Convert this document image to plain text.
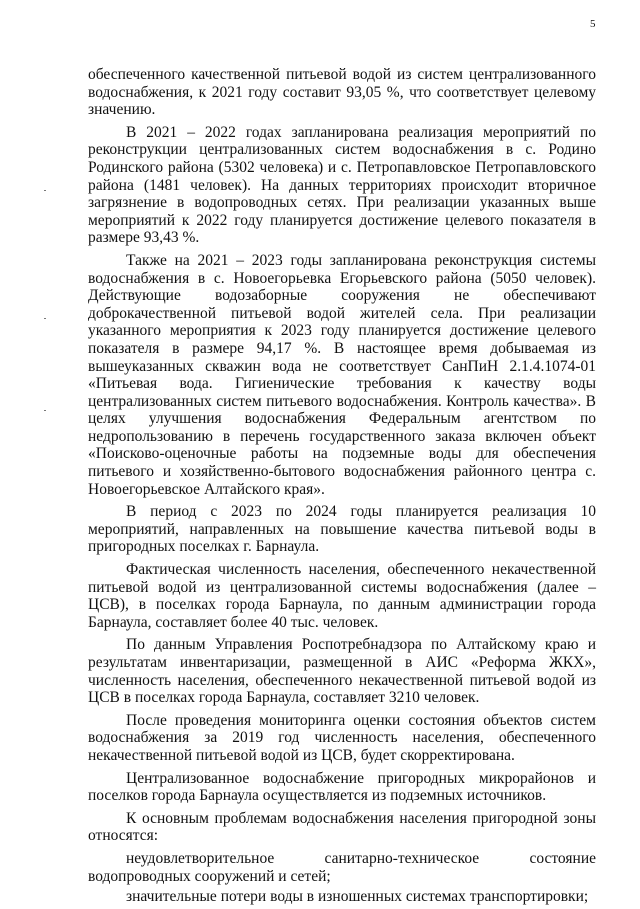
5

обеспеченного качественной питьевой водой из систем централизованного водоснабжения, к 2021 году составит 93,05 %, что соответствует целевому значению.

В 2021 – 2022 годах запланирована реализация мероприятий по реконструкции централизованных систем водоснабжения в с. Родино Родинского района (5302 человека) и с. Петропавловское Петропавловского района (1481 человек). На данных территориях происходит вторичное загрязнение в водопроводных сетях. При реализации указанных выше мероприятий к 2022 году планируется достижение целевого показателя в размере 93,43 %.

Также на 2021 – 2023 годы запланирована реконструкция системы водоснабжения в с. Новоегорьевка Егорьевского района (5050 человек). Действующие водозаборные сооружения не обеспечивают доброкачественной питьевой водой жителей села. При реализации указанного мероприятия к 2023 году планируется достижение целевого показателя в размере 94,17 %. В настоящее время добываемая из вышеуказанных скважин вода не соответствует СанПиН 2.1.4.1074-01 «Питьевая вода. Гигиенические требования к качеству воды централизованных систем питьевого водоснабжения. Контроль качества». В целях улучшения водоснабжения Федеральным агентством по недропользованию в перечень государственного заказа включен объект «Поисково-оценочные работы на подземные воды для обеспечения питьевого и хозяйственно-бытового водоснабжения районного центра с. Новоегорьевское Алтайского края».

В период с 2023 по 2024 годы планируется реализация 10 мероприятий, направленных на повышение качества питьевой воды в пригородных поселках г. Барнаула.

Фактическая численность населения, обеспеченного некачественной питьевой водой из централизованной системы водоснабжения (далее – ЦСВ), в поселках города Барнаула, по данным администрации города Барнаула, составляет более 40 тыс. человек.

По данным Управления Роспотребнадзора по Алтайскому краю и результатам инвентаризации, размещенной в АИС «Реформа ЖКХ», численность населения, обеспеченного некачественной питьевой водой из ЦСВ в поселках города Барнаула, составляет 3210 человек.

После проведения мониторинга оценки состояния объектов систем водоснабжения за 2019 год численность населения, обеспеченного некачественной питьевой водой из ЦСВ, будет скорректирована.

Централизованное водоснабжение пригородных микрорайонов и поселков города Барнаула осуществляется из подземных источников.

К основным проблемам водоснабжения населения пригородной зоны относятся:

неудовлетворительное санитарно-техническое состояние водопроводных сооружений и сетей;

значительные потери воды в изношенных системах транспортировки;
